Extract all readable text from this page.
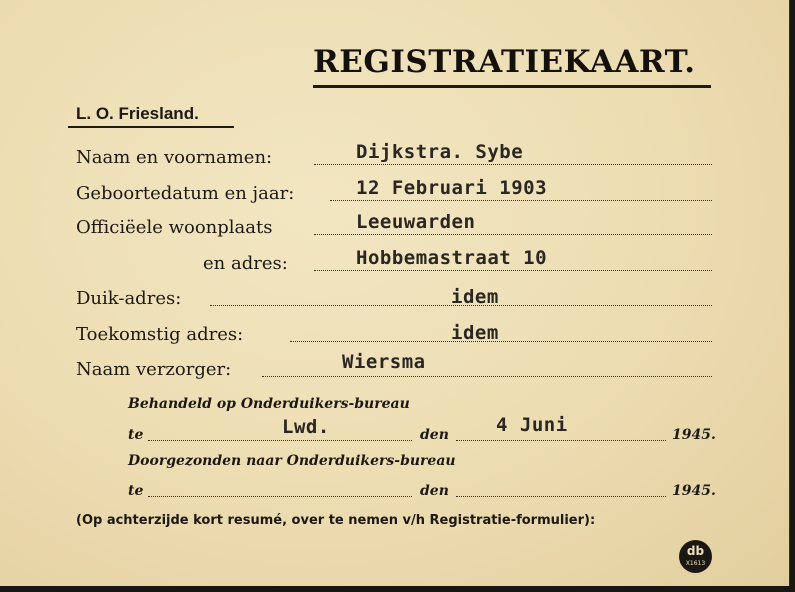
REGISTRATIEKAART.
L. O. Friesland.
Naam en voornamen:	Dijkstra. Sybe
Geboortedatum en jaar:	12 Februari 1903
Officiëele woonplaats	Leeuwarden
en adres:	Hobbemastraat 10
Duik-adres:	idem
Toekomstig adres:	idem
Naam verzorger:	Wiersma
Behandeld op Onderduikers-bureau
te	Lwd.	den 4 Juni	1945.
Doorgezonden naar Onderduikers-bureau
te	den	1945.
(Op achterzijde kort resumé, over te nemen v/h Registratie-formulier):
db
X1613
